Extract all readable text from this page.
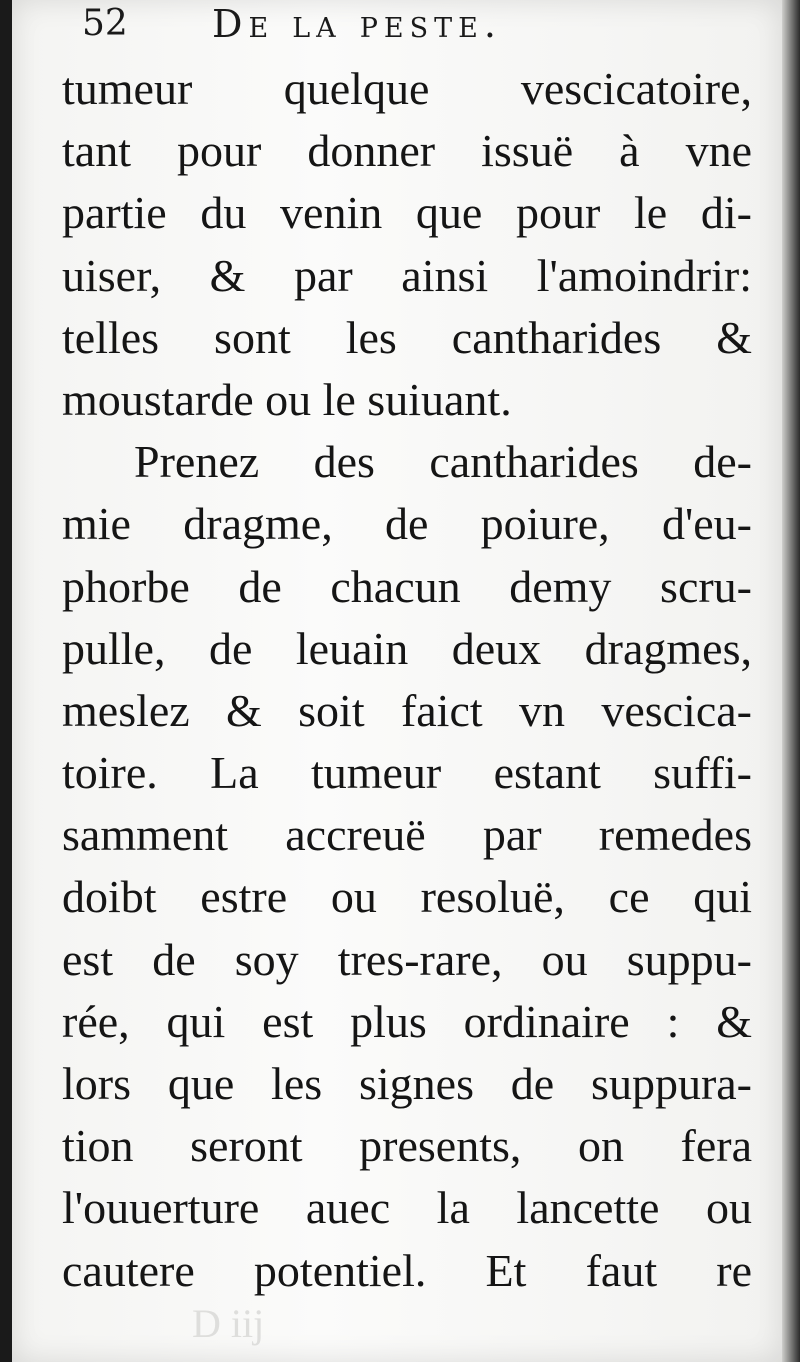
52 De la peste.
tumeur quelque vescicatoire,
tant pour donner issuë à vne
partie du venin que pour le di-
uiser, & par ainsi l'amoindrir:
telles sont les cantharides &
moustarde ou le suiuant.
Prenez des cantharides de-
mie dragme, de poiure, d'eu-
phorbe de chacun demy scru-
pulle, de leuain deux dragmes,
meslez & soit faict vn vescica-
toire. La tumeur estant suffi-
samment accreuë par remedes
doibt estre ou resoluë, ce qui
est de soy tres-rare, ou suppu-
rée, qui est plus ordinaire : &
lors que les signes de suppura-
tion seront presents, on fera
l'ouuerture auec la lancette ou
cautere potentiel. Et faut re
D iij
